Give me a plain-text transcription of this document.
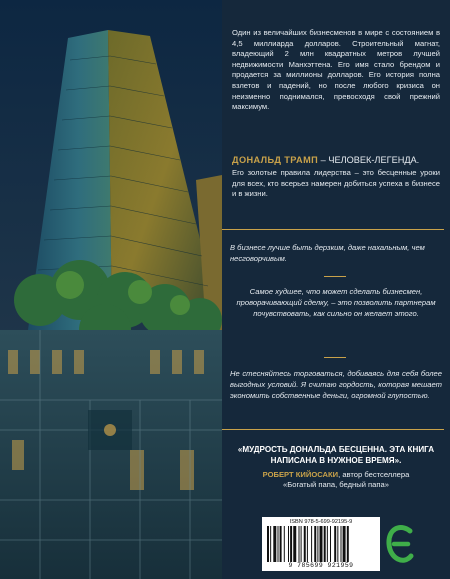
Один из величайших бизнесменов в мире с состоянием в 4,5 миллиарда долларов. Строительный магнат, владеющий 2 млн квадратных метров лучшей недвижимости Манхэттена. Его имя стало брендом и продается за миллионы долларов. Его история полна взлетов и падений, но после любого кризиса он неизменно поднимался, превосходя свой прежний максимум.
ДОНАЛЬД ТРАМП – ЧЕЛОВЕК-ЛЕГЕНДА.
Его золотые правила лидерства – это бесценные уроки для всех, кто всерьез намерен добиться успеха в бизнесе и в жизни.
В бизнесе лучше быть дерзким, даже нахальным, чем несговорчивым.
Самое худшее, что может сделать бизнесмен, проворачивающий сделку, – это позволить партнерам почувствовать, как сильно он желает этого.
Не стесняйтесь торговаться, добиваясь для себя более выгодных условий. Я считаю гордость, которая мешает экономить собственные деньги, огромной глупостью.
«МУДРОСТЬ ДОНАЛЬДА БЕСЦЕННА. ЭТА КНИГА НАПИСАНА В НУЖНОЕ ВРЕМЯ».
РОБЕРТ КИЙОСАКИ, автор бестселлера
«Богатый папа, бедный папа»
ISBN 978-5-699-92195-9
9 785699 921959
